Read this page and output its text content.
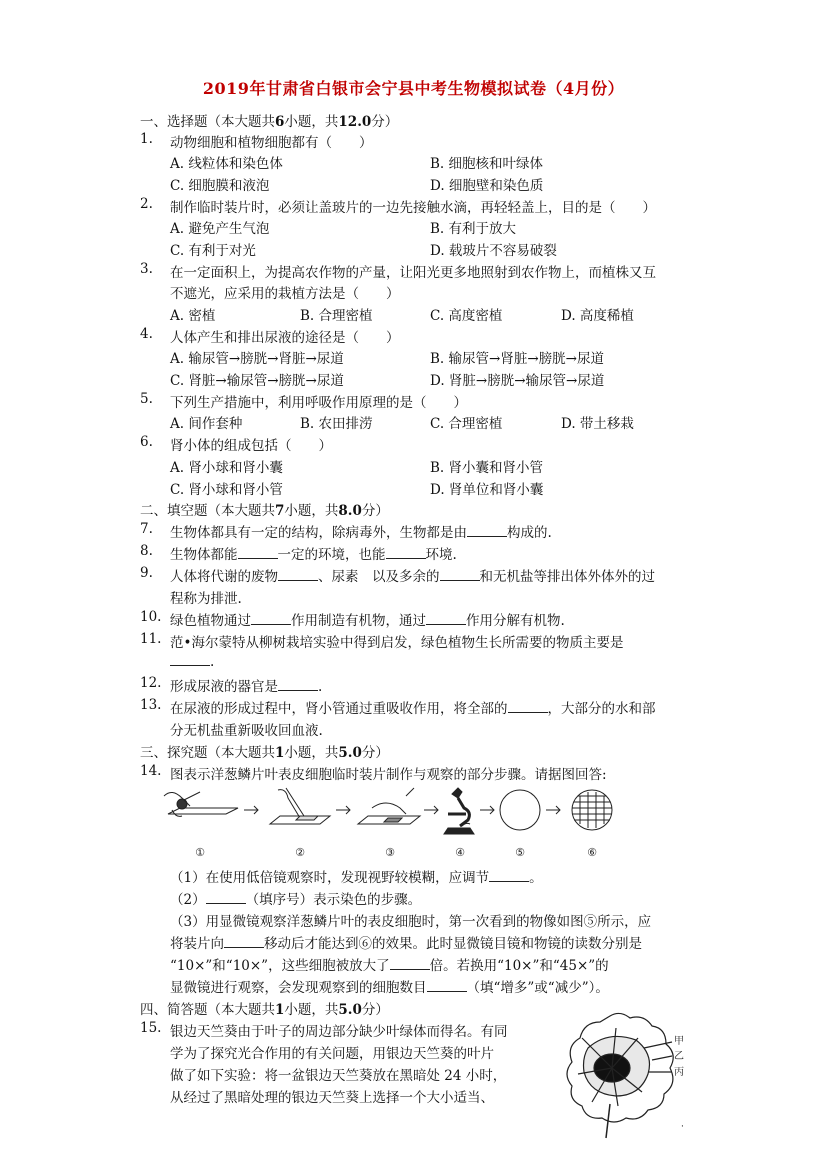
2019年甘肃省白银市会宁县中考生物模拟试卷（4月份）
一、选择题（本大题共6小题，共12.0分）
1. 动物细胞和植物细胞都有（　　）
A. 线粒体和染色体	B. 细胞核和叶绿体
C. 细胞膜和液泡	D. 细胞壁和染色质
2. 制作临时装片时，必须让盖玻片的一边先接触水滴，再轻轻盖上，目的是（　　）
A. 避免产生气泡	B. 有利于放大
C. 有利于对光	D. 载玻片不容易破裂
3. 在一定面积上，为提高农作物的产量，让阳光更多地照射到农作物上，而植株又互
不遮光，应采用的栽植方法是（　　）
A. 密植	B. 合理密植	C. 高度密植	D. 高度稀植
4. 人体产生和排出尿液的途径是（　　）
A. 输尿管→膀胱→肾脏→尿道	B. 输尿管→肾脏→膀胱→尿道
C. 肾脏→输尿管→膀胱→尿道	D. 肾脏→膀胱→输尿管→尿道
5. 下列生产措施中，利用呼吸作用原理的是（　　）
A. 间作套种	B. 农田排涝	C. 合理密植	D. 带土移栽
6. 肾小体的组成包括（　　）
A. 肾小球和肾小囊	B. 肾小囊和肾小管
C. 肾小球和肾小管	D. 肾单位和肾小囊
二、填空题（本大题共7小题，共8.0分）
7. 生物体都具有一定的结构，除病毒外，生物都是由	构成的.
8. 生物体都能	一定的环境，也能	环境.
9. 人体将代谢的废物	、尿素　以及多余的	和无机盐等排出体外体外的过
程称为排泄.
10. 绿色植物通过	作用制造有机物，通过	作用分解有机物.
11. 范•海尔蒙特从柳树栽培实验中得到启发，绿色植物生长所需要的物质主要是
.
12. 形成尿液的器官是	.
13. 在尿液的形成过程中，肾小管通过重吸收作用，将全部的	，大部分的水和部
分无机盐重新吸收回血液.
三、探究题（本大题共1小题，共5.0分）
14. 图表示洋葱鳞片叶表皮细胞临时装片制作与观察的部分步骤。请据图回答:
①	②	③	④	⑤	⑥
（1）在使用低倍镜观察时，发现视野较模糊，应调节	。
（2）	（填序号）表示染色的步骤。
（3）用显微镜观察洋葱鳞片叶的表皮细胞时，第一次看到的物像如图⑤所示，应
将装片向	移动后才能达到⑥的效果。此时显微镜目镜和物镜的读数分别是
“10×”和“10×”，这些细胞被放大了	倍。若换用“10×”和“45×”的
显微镜进行观察，会发现观察到的细胞数目	（填“增多”或“减少”）。
四、简答题（本大题共1小题，共5.0分）
15. 银边天竺葵由于叶子的周边部分缺少叶绿体而得名。有同
学为了探究光合作用的有关问题，用银边天竺葵的叶片
做了如下实验：将一盆银边天竺葵放在黑暗处 24 小时，
从经过了黑暗处理的银边天竺葵上选择一个大小适当、
甲
乙
丙
·
